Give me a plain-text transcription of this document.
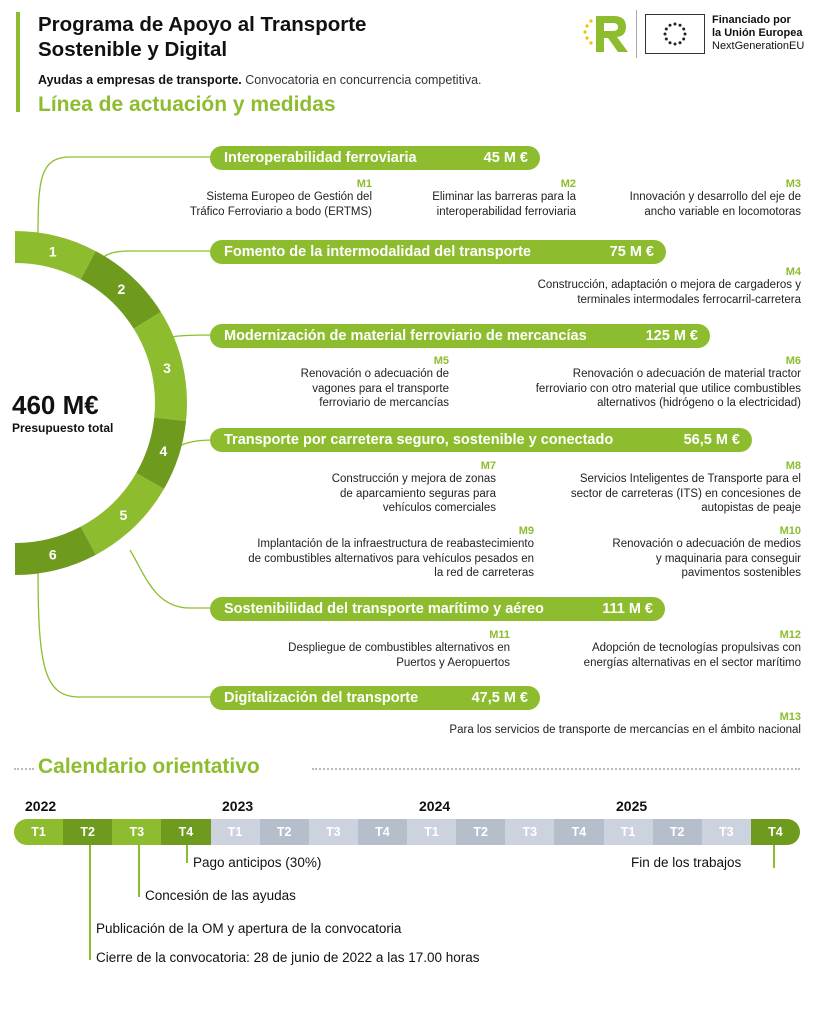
Programa de Apoyo al Transporte
Sostenible y Digital
Ayudas a empresas de transporte. Convocatoria en concurrencia competitiva.
Línea de actuación y medidas
Financiado por
la Unión Europea
NextGenerationEU
1
2
3
4
5
6
460 M€
Presupuesto total
Interoperabilidad ferroviaria	45 M €
Fomento de la intermodalidad del transporte	75 M €
Modernización de material ferroviario de mercancías	125 M €
Transporte por carretera seguro, sostenible y conectado	56,5 M €
Sostenibilidad del transporte marítimo y aéreo	111 M €
Digitalización del transporte	47,5 M €
M1
Sistema Europeo de Gestión del
Tráfico Ferroviario a bodo (ERTMS)
M2
Eliminar las barreras para la
interoperabilidad ferroviaria
M3
Innovación y desarrollo del eje de
ancho variable en locomotoras
M4
Construcción, adaptación o mejora de cargaderos y
terminales intermodales ferrocarril-carretera
M5
Renovación o adecuación de
vagones para el transporte
ferroviario de mercancías
M6
Renovación o adecuación de material tractor
ferroviario con otro material que utilice combustibles
alternativos (hidrógeno o la electricidad)
M7
Construcción y mejora de zonas
de aparcamiento seguras para
vehículos comerciales
M8
Servicios Inteligentes de Transporte para el
sector de carreteras (ITS) en concesiones de
autopistas de peaje
M9
Implantación de la infraestructura de reabastecimiento
de combustibles alternativos para vehículos pesados en
la red de carreteras
M10
Renovación o adecuación de medios
y maquinaria para conseguir
pavimentos sostenibles
M11
Despliegue de combustibles alternativos en
Puertos y Aeropuertos
M12
Adopción de tecnologías propulsivas con
energías alternativas en el sector marítimo
M13
Para los servicios de transporte de mercancías en el ámbito nacional
Calendario orientativo
2022	2023	2024	2025
T1	T2	T3	T4	T1	T2	T3	T4	T1	T2	T3	T4	T1	T2	T3	T4
Pago anticipos (30%)
Concesión de las ayudas
Publicación de la OM y apertura de la convocatoria
Cierre de la convocatoria: 28 de junio de 2022 a las 17.00 horas
Fin de los trabajos
